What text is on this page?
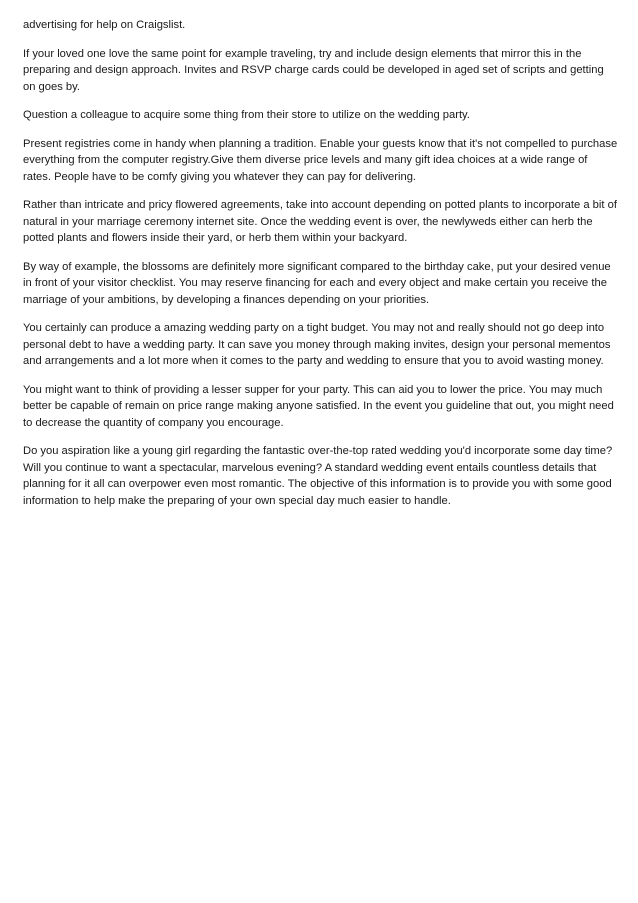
advertising for help on Craigslist.

If your loved one love the same point for example traveling, try and include design elements that mirror this in the preparing and design approach. Invites and RSVP charge cards could be developed in aged set of scripts and getting on goes by.

Question a colleague to acquire some thing from their store to utilize on the wedding party.

Present registries come in handy when planning a tradition. Enable your guests know that it's not compelled to purchase everything from the computer registry.Give them diverse price levels and many gift idea choices at a wide range of rates. People have to be comfy giving you whatever they can pay for delivering.

Rather than intricate and pricy flowered agreements, take into account depending on potted plants to incorporate a bit of natural in your marriage ceremony internet site. Once the wedding event is over, the newlyweds either can herb the potted plants and flowers inside their yard, or herb them within your backyard.

By way of example, the blossoms are definitely more significant compared to the birthday cake, put your desired venue in front of your visitor checklist. You may reserve financing for each and every object and make certain you receive the marriage of your ambitions, by developing a finances depending on your priorities.

You certainly can produce a amazing wedding party on a tight budget. You may not and really should not go deep into personal debt to have a wedding party. It can save you money through making invites, design your personal mementos and arrangements and a lot more when it comes to the party and wedding to ensure that you to avoid wasting money.

You might want to think of providing a lesser supper for your party. This can aid you to lower the price. You may much better be capable of remain on price range making anyone satisfied. In the event you guideline that out, you might need to decrease the quantity of company you encourage.

Do you aspiration like a young girl regarding the fantastic over-the-top rated wedding you'd incorporate some day time? Will you continue to want a spectacular, marvelous evening? A standard wedding event entails countless details that planning for it all can overpower even most romantic. The objective of this information is to provide you with some good information to help make the preparing of your own special day much easier to handle.
